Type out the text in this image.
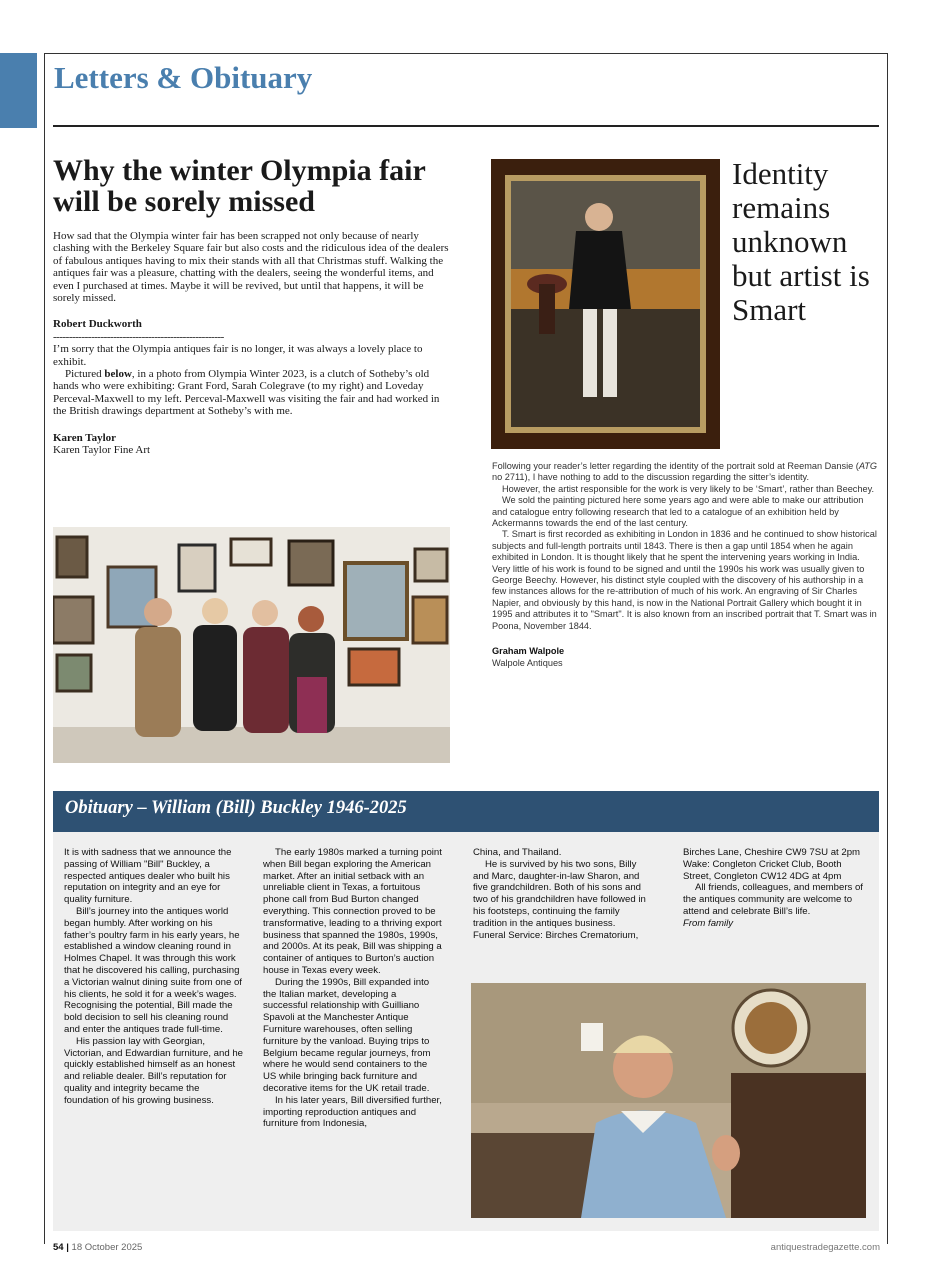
Letters & Obituary
Why the winter Olympia fair will be sorely missed

How sad that the Olympia winter fair has been scrapped not only because of nearly clashing with the Berkeley Square fair but also costs and the ridiculous idea of the dealers of fabulous antiques having to mix their stands with all that Christmas stuff. Walking the antiques fair was a pleasure, chatting with the dealers, seeing the wonderful items, and even I purchased at times. Maybe it will be revived, but until that happens, it will be sorely missed.

Robert Duckworth

------------------------------------------------------

I’m sorry that the Olympia antiques fair is no longer, it was always a lovely place to exhibit.

Pictured below, in a photo from Olympia Winter 2023, is a clutch of Sotheby’s old hands who were exhibiting: Grant Ford, Sarah Colegrave (to my right) and Loveday Perceval-Maxwell to my left. Perceval-Maxwell was visiting the fair and had worked in the British drawings department at Sotheby’s with me.

Karen Taylor

Karen Taylor Fine Art

Identity remains unknown but artist is Smart

Following your reader’s letter regarding the identity of the portrait sold at Reeman Dansie (ATG no 2711), I have nothing to add to the discussion regarding the sitter’s identity.

However, the artist responsible for the work is very likely to be ‘Smart’, rather than Beechey.

We sold the painting pictured here some years ago and were able to make our attribution and catalogue entry following research that led to a catalogue of an exhibition held by Ackermanns towards the end of the last century.

T. Smart is first recorded as exhibiting in London in 1836 and he continued to show historical subjects and full-length portraits until 1843. There is then a gap until 1854 when he again exhibited in London. It is thought likely that he spent the intervening years working in India. Very little of his work is found to be signed and until the 1990s his work was usually given to George Beechy. However, his distinct style coupled with the discovery of his authorship in a few instances allows for the re-attribution of much of his work. An engraving of Sir Charles Napier, and obviously by this hand, is now in the National Portrait Gallery which bought it in 1995 and attributes it to "Smart". It is also known from an inscribed portrait that T. Smart was in Poona, November 1844.

Graham Walpole

Walpole Antiques

Obituary – William (Bill) Buckley 1946-2025

It is with sadness that we announce the passing of William "Bill" Buckley, a respected antiques dealer who built his reputation on integrity and an eye for quality furniture.

Bill’s journey into the antiques world began humbly. After working on his father’s poultry farm in his early years, he established a window cleaning round in Holmes Chapel. It was through this work that he discovered his calling, purchasing a Victorian walnut dining suite from one of his clients, he sold it for a week’s wages. Recognising the potential, Bill made the bold decision to sell his cleaning round and enter the antiques trade full-time.

His passion lay with Georgian, Victorian, and Edwardian furniture, and he quickly established himself as an honest and reliable dealer. Bill’s reputation for quality and integrity became the foundation of his growing business.

The early 1980s marked a turning point when Bill began exploring the American market. After an initial setback with an unreliable client in Texas, a fortuitous phone call from Bud Burton changed everything. This connection proved to be transformative, leading to a thriving export business that spanned the 1980s, 1990s, and 2000s. At its peak, Bill was shipping a container of antiques to Burton’s auction house in Texas every week.

During the 1990s, Bill expanded into the Italian market, developing a successful relationship with Guilliano Spavoli at the Manchester Antique Furniture warehouses, often selling furniture by the vanload. Buying trips to Belgium became regular journeys, from where he would send containers to the US while bringing back furniture and decorative items for the UK retail trade.

In his later years, Bill diversified further, importing reproduction antiques and furniture from Indonesia,

China, and Thailand.

He is survived by his two sons, Billy and Marc, daughter-in-law Sharon, and five grandchildren. Both of his sons and two of his grandchildren have followed in his footsteps, continuing the family tradition in the antiques business.

Funeral Service: Birches Crematorium,

Birches Lane, Cheshire CW9 7SU at 2pm

Wake: Congleton Cricket Club, Booth Street, Congleton CW12 4DG at 4pm

All friends, colleagues, and members of the antiques community are welcome to attend and celebrate Bill’s life.

From family

54 | 18 October 2025	antiquestradegazette.com
